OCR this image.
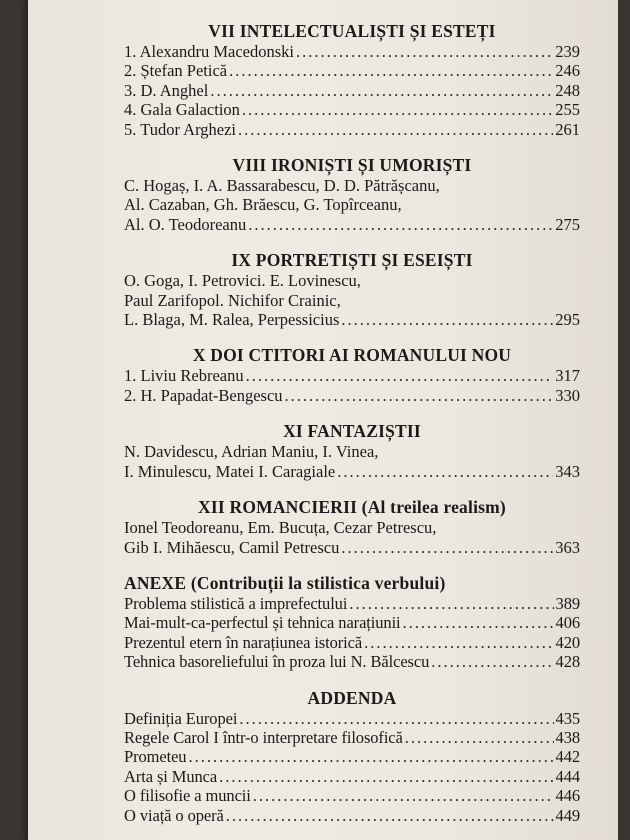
VII INTELECTUALIȘTI ȘI ESTEȚI
1. Alexandru Macedonski .....	239
2. Ștefan Petică .....	246
3. D. Anghel .....	248
4. Gala Galaction .....	255
5. Tudor Arghezi .....	261
VIII IRONIȘTI ȘI UMORIȘTI
C. Hogaș, I. A. Bassarabescu, D. D. Pătrășcanu,
Al. Cazaban, Gh. Brăescu, G. Topîrceanu,
Al. O. Teodoreanu .....	275
IX PORTRETIȘTI ȘI ESEIȘTI
O. Goga, I. Petrovici. E. Lovinescu,
Paul Zarifopol. Nichifor Crainic,
L. Blaga, M. Ralea, Perpessicius .....	295
X DOI CTITORI AI ROMANULUI NOU
1. Liviu Rebreanu .....	317
2. H. Papadat-Bengescu .....	330
XI FANTAZIȘTII
N. Davidescu, Adrian Maniu, I. Vinea,
I. Minulescu, Matei I. Caragiale .....	343
XII ROMANCIERII (Al treilea realism)
Ionel Teodoreanu, Em. Bucuța, Cezar Petrescu,
Gib I. Mihăescu, Camil Petrescu .....	363
ANEXE (Contribuții la stilistica verbului)
Problema stilistică a imprefectului .....	389
Mai-mult-ca-perfectul și tehnica narațiunii .....	406
Prezentul etern în narațiunea istorică .....	420
Tehnica basoreliefului în proza lui N. Bălcescu .....	428
ADDENDA
Definiția Europei .....	435
Regele Carol I într-o interpretare filosofică .....	438
Prometeu .....	442
Arta și Munca .....	444
O filisofie a muncii .....	446
O viață o operă .....	449
